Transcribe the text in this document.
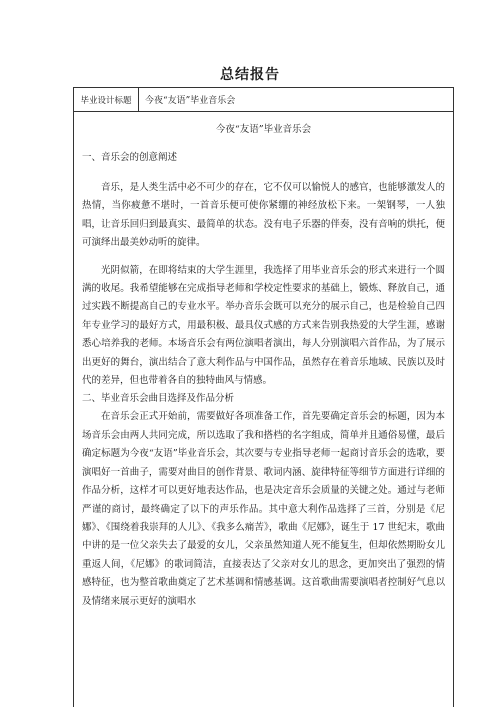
总结报告
毕业设计标题	今夜“友语”毕业音乐会
今夜“友语”毕业音乐会

一、音乐会的创意阐述

音乐，是人类生活中必不可少的存在，它不仅可以愉悦人的感官，也能够激发人的热情，当你疲惫不堪时，一首音乐便可使你紧绷的神经放松下来。一架钢琴，一人独唱，让音乐回归到最真实、最简单的状态。没有电子乐器的伴奏，没有音响的烘托，便可演绎出最美妙动听的旋律。

光阴似箭，在即将结束的大学生涯里，我选择了用毕业音乐会的形式来进行一个圆满的收尾。我希望能够在完成指导老师和学校定性要求的基础上，锻炼、释放自己，通过实践不断提高自己的专业水平。举办音乐会既可以充分的展示自己，也是检验自己四年专业学习的最好方式，用最积极、最具仪式感的方式来告别我热爱的大学生涯，感谢悉心培养我的老师。本场音乐会有两位演唱者演出，每人分别演唱六首作品，为了展示出更好的舞台，演出结合了意大利作品与中国作品，虽然存在着音乐地域、民族以及时代的差异，但也带着各自的独特曲风与情感。

二、毕业音乐会曲目选择及作品分析

在音乐会正式开始前，需要做好各项准备工作，首先要确定音乐会的标题，因为本场音乐会由两人共同完成，所以选取了我和搭档的名字组成，简单并且通俗易懂，最后确定标题为今夜“友语”毕业音乐会，其次要与专业指导老师一起商讨音乐会的选歌，要演唱好一首曲子，需要对曲目的创作背景、歌词内涵、旋律特征等细节方面进行详细的作品分析，这样才可以更好地表达作品，也是决定音乐会质量的关键之处。通过与老师严谨的商讨，最终确定了以下的声乐作品。其中意大利作品选择了三首，分别是《尼娜》、《围绕着我崇拜的人儿》、《我多么痛苦》，歌曲《尼娜》，诞生于 17 世纪末，歌曲中讲的是一位父亲失去了最爱的女儿，父亲虽然知道人死不能复生，但却依然期盼女儿重返人间，《尼娜》的歌词简洁，直接表达了父亲对女儿的思念，更加突出了强烈的情感特征，也为整首歌曲奠定了艺术基调和情感基调。这首歌曲需要演唱者控制好气息以及情绪来展示更好的演唱水
